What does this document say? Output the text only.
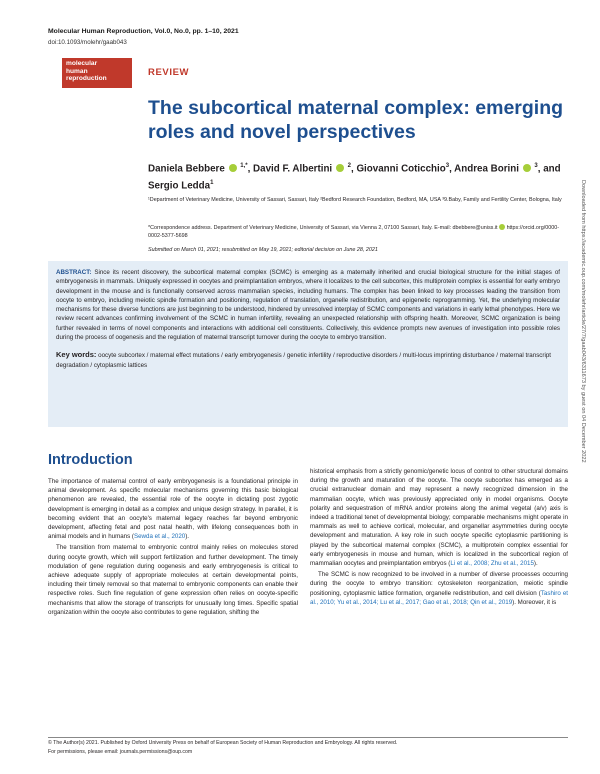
Molecular Human Reproduction, Vol.0, No.0, pp. 1–10, 2021
doi:10.1093/molehr/gaab043
molecular
human
reproduction
REVIEW
The subcortical maternal complex: emerging roles and novel perspectives
Daniela Bebbere	$^{1,*}$, David F. Albertini	$^2$, Giovanni Coticchio$^3$, Andrea Borini	$^3$, and Sergio Ledda$^1$
¹Department of Veterinary Medicine, University of Sassari, Sassari, Italy ²Bedford Research Foundation, Bedford, MA, USA ³9.Baby, Family and Fertility Center, Bologna, Italy
*Correspondence address. Department of Veterinary Medicine, University of Sassari, via Vienna 2, 07100 Sassari, Italy. E-mail: dbebbere@uniss.it https://orcid.org/0000-0002-5377-5698
Submitted on March 01, 2021; resubmitted on May 19, 2021; editorial decision on June 28, 2021
ABSTRACT: Since its recent discovery, the subcortical maternal complex (SCMC) is emerging as a maternally inherited and crucial biological structure for the initial stages of embryogenesis in mammals. Uniquely expressed in oocytes and preimplantation embryos, where it localizes to the cell subcortex, this multiprotein complex is essential for early embryo development in the mouse and is functionally conserved across mammalian species, including humans. The complex has been linked to key processes leading the transition from oocyte to embryo, including meiotic spindle formation and positioning, regulation of translation, organelle redistribution, and epigenetic reprogramming. Yet, the underlying molecular mechanisms for these diverse functions are just beginning to be understood, hindered by unresolved interplay of SCMC components and variations in early lethal phenotypes. Here we review recent advances confirming involvement of the SCMC in human infertility, revealing an unexpected relationship with offspring health. Moreover, SCMC organization is being further revealed in terms of novel components and interactions with additional cell constituents. Collectively, this evidence prompts new avenues of investigation into possible roles during the process of oogenesis and the regulation of maternal transcript turnover during the oocyte to embryo transition.
Key words: oocyte subcortex / maternal effect mutations / early embryogenesis / genetic infertility / reproductive disorders / multi-locus imprinting disturbance / maternal transcript degradation / cytoplasmic lattices
Introduction

The importance of maternal control of early embryogenesis is a foundational principle in animal development. As specific molecular mechanisms governing this basic biological phenomenon are revealed, the essential role of the oocyte in dictating post zygotic development is emerging in detail as a complex and unique design strategy. In parallel, it is becoming evident that an oocyte's maternal legacy reaches far beyond embryonic development, affecting fetal and post natal health, with lifelong consequences both in animal models and in humans (Sewda et al., 2020).

The transition from maternal to embryonic control mainly relies on molecules stored during oocyte growth, which will support fertilization and further development. The timely modulation of gene regulation during oogenesis and early embryogenesis is critical to achieve adequate supply of appropriate molecules at certain developmental points, including their timely removal so that maternal to embryonic components can enable their respective roles. Such fine regulation of gene expression often relies on oocyte-specific mechanisms that allow the storage of transcripts for unusually long times. Specific spatial organization within the oocyte also contributes to gene regulation, shifting the

historical emphasis from a strictly genomic/genetic locus of control to other structural domains during the growth and maturation of the oocyte. The oocyte subcortex has emerged as a crucial extranuclear domain and may represent a newly recognized dimension in the mammalian oocyte, which was previously appreciated only in model organisms. Oocyte polarity and sequestration of mRNA and/or proteins along the animal vegetal (a/v) axis is indeed a traditional tenet of developmental biology; comparable mechanisms might operate in mammals as well to achieve cortical, molecular, and organellar asymmetries during oocyte development and maturation. A key role in such oocyte specific cytoplasmic partitioning is played by the subcortical maternal complex (SCMC), a multiprotein complex essential for early embryogenesis in mouse and human, which is localized in the subcortical region of mammalian oocytes and preimplantation embryos (Li et al., 2008; Zhu et al., 2015).

The SCMC is now recognized to be involved in a number of diverse processes occurring during the oocyte to embryo transition: cytoskeleton reorganization, meiotic spindle positioning, cytoplasmic lattice formation, organelle redistribution, and cell division (Tashiro et al., 2010; Yu et al., 2014; Lu et al., 2017; Gao et al., 2018; Qin et al., 2019). Moreover, it is

© The Author(s) 2021. Published by Oxford University Press on behalf of European Society of Human Reproduction and Embryology. All rights reserved.
For permissions, please email: journals.permissions@oup.com
Downloaded from https://academic.oup.com/molehr/article/27/7/gaab043/6311673 by guest on 04 December 2022
